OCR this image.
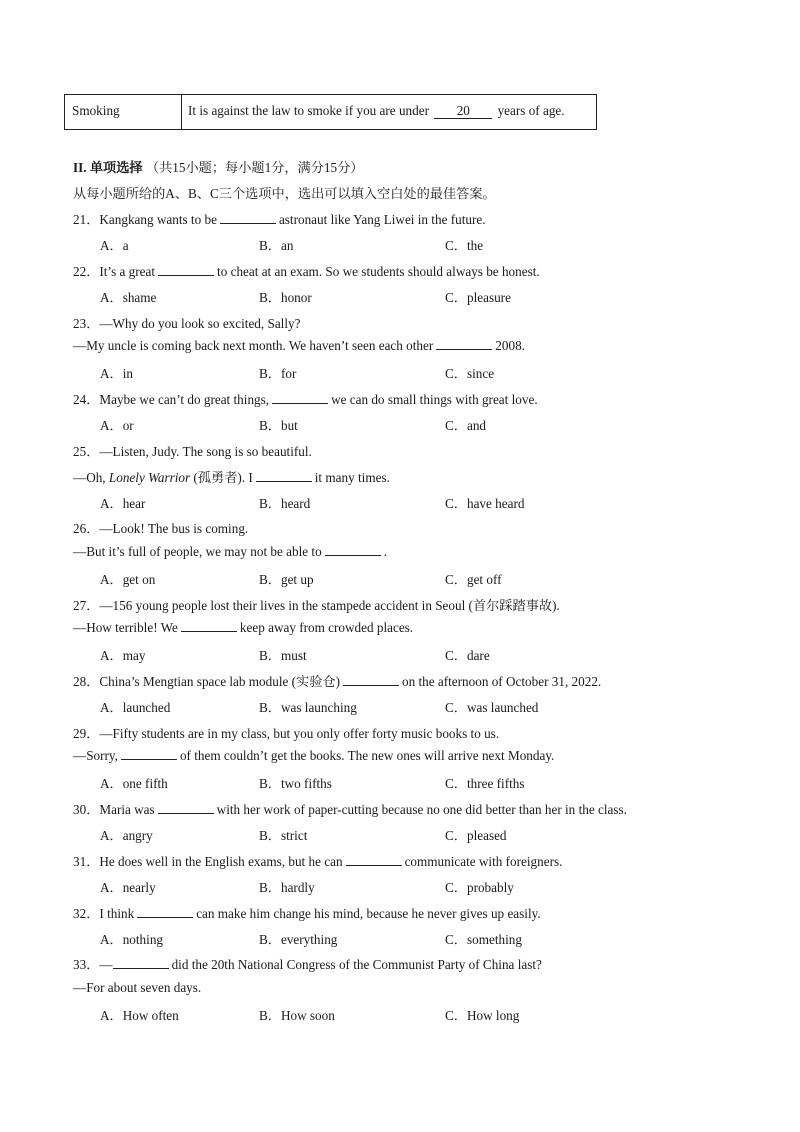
Smoking	It is against the law to smoke if you are under 20 years of age.
II. 单项选择 （共15小题；每小题1分，满分15分）
从每小题所给的A、B、C三个选项中，选出可以填入空白处的最佳答案。
21．Kangkang wants to be	astronaut like Yang Liwei in the future.
A．a	B．an	C．the
22．It’s a great	to cheat at an exam. So we students should always be honest.
A．shame	B．honor	C．pleasure
23．—Why do you look so excited, Sally?
—My uncle is coming back next month. We haven’t seen each other	2008.
A．in	B．for	C．since
24．Maybe we can’t do great things,	we can do small things with great love.
A．or	B．but	C．and
25．—Listen, Judy. The song is so beautiful.
—Oh, Lonely Warrior (孤勇者). I	it many times.
A．hear	B．heard	C．have heard
26．—Look! The bus is coming.
—But it’s full of people, we may not be able to	.
A．get on	B．get up	C．get off
27．—156 young people lost their lives in the stampede accident in Seoul (首尔踩踏事故).
—How terrible! We	keep away from crowded places.
A．may	B．must	C．dare
28．China’s Mengtian space lab module (实验仓)	on the afternoon of October 31, 2022.
A．launched	B．was launching	C．was launched
29．—Fifty students are in my class, but you only offer forty music books to us.
—Sorry,	of them couldn’t get the books. The new ones will arrive next Monday.
A．one fifth	B．two fifths	C．three fifths
30．Maria was	with her work of paper-cutting because no one did better than her in the class.
A．angry	B．strict	C．pleased
31．He does well in the English exams, but he can	communicate with foreigners.
A．nearly	B．hardly	C．probably
32．I think	can make him change his mind, because he never gives up easily.
A．nothing	B．everything	C．something
33．—	did the 20th National Congress of the Communist Party of China last?
—For about seven days.
A．How often	B．How soon	C．How long
